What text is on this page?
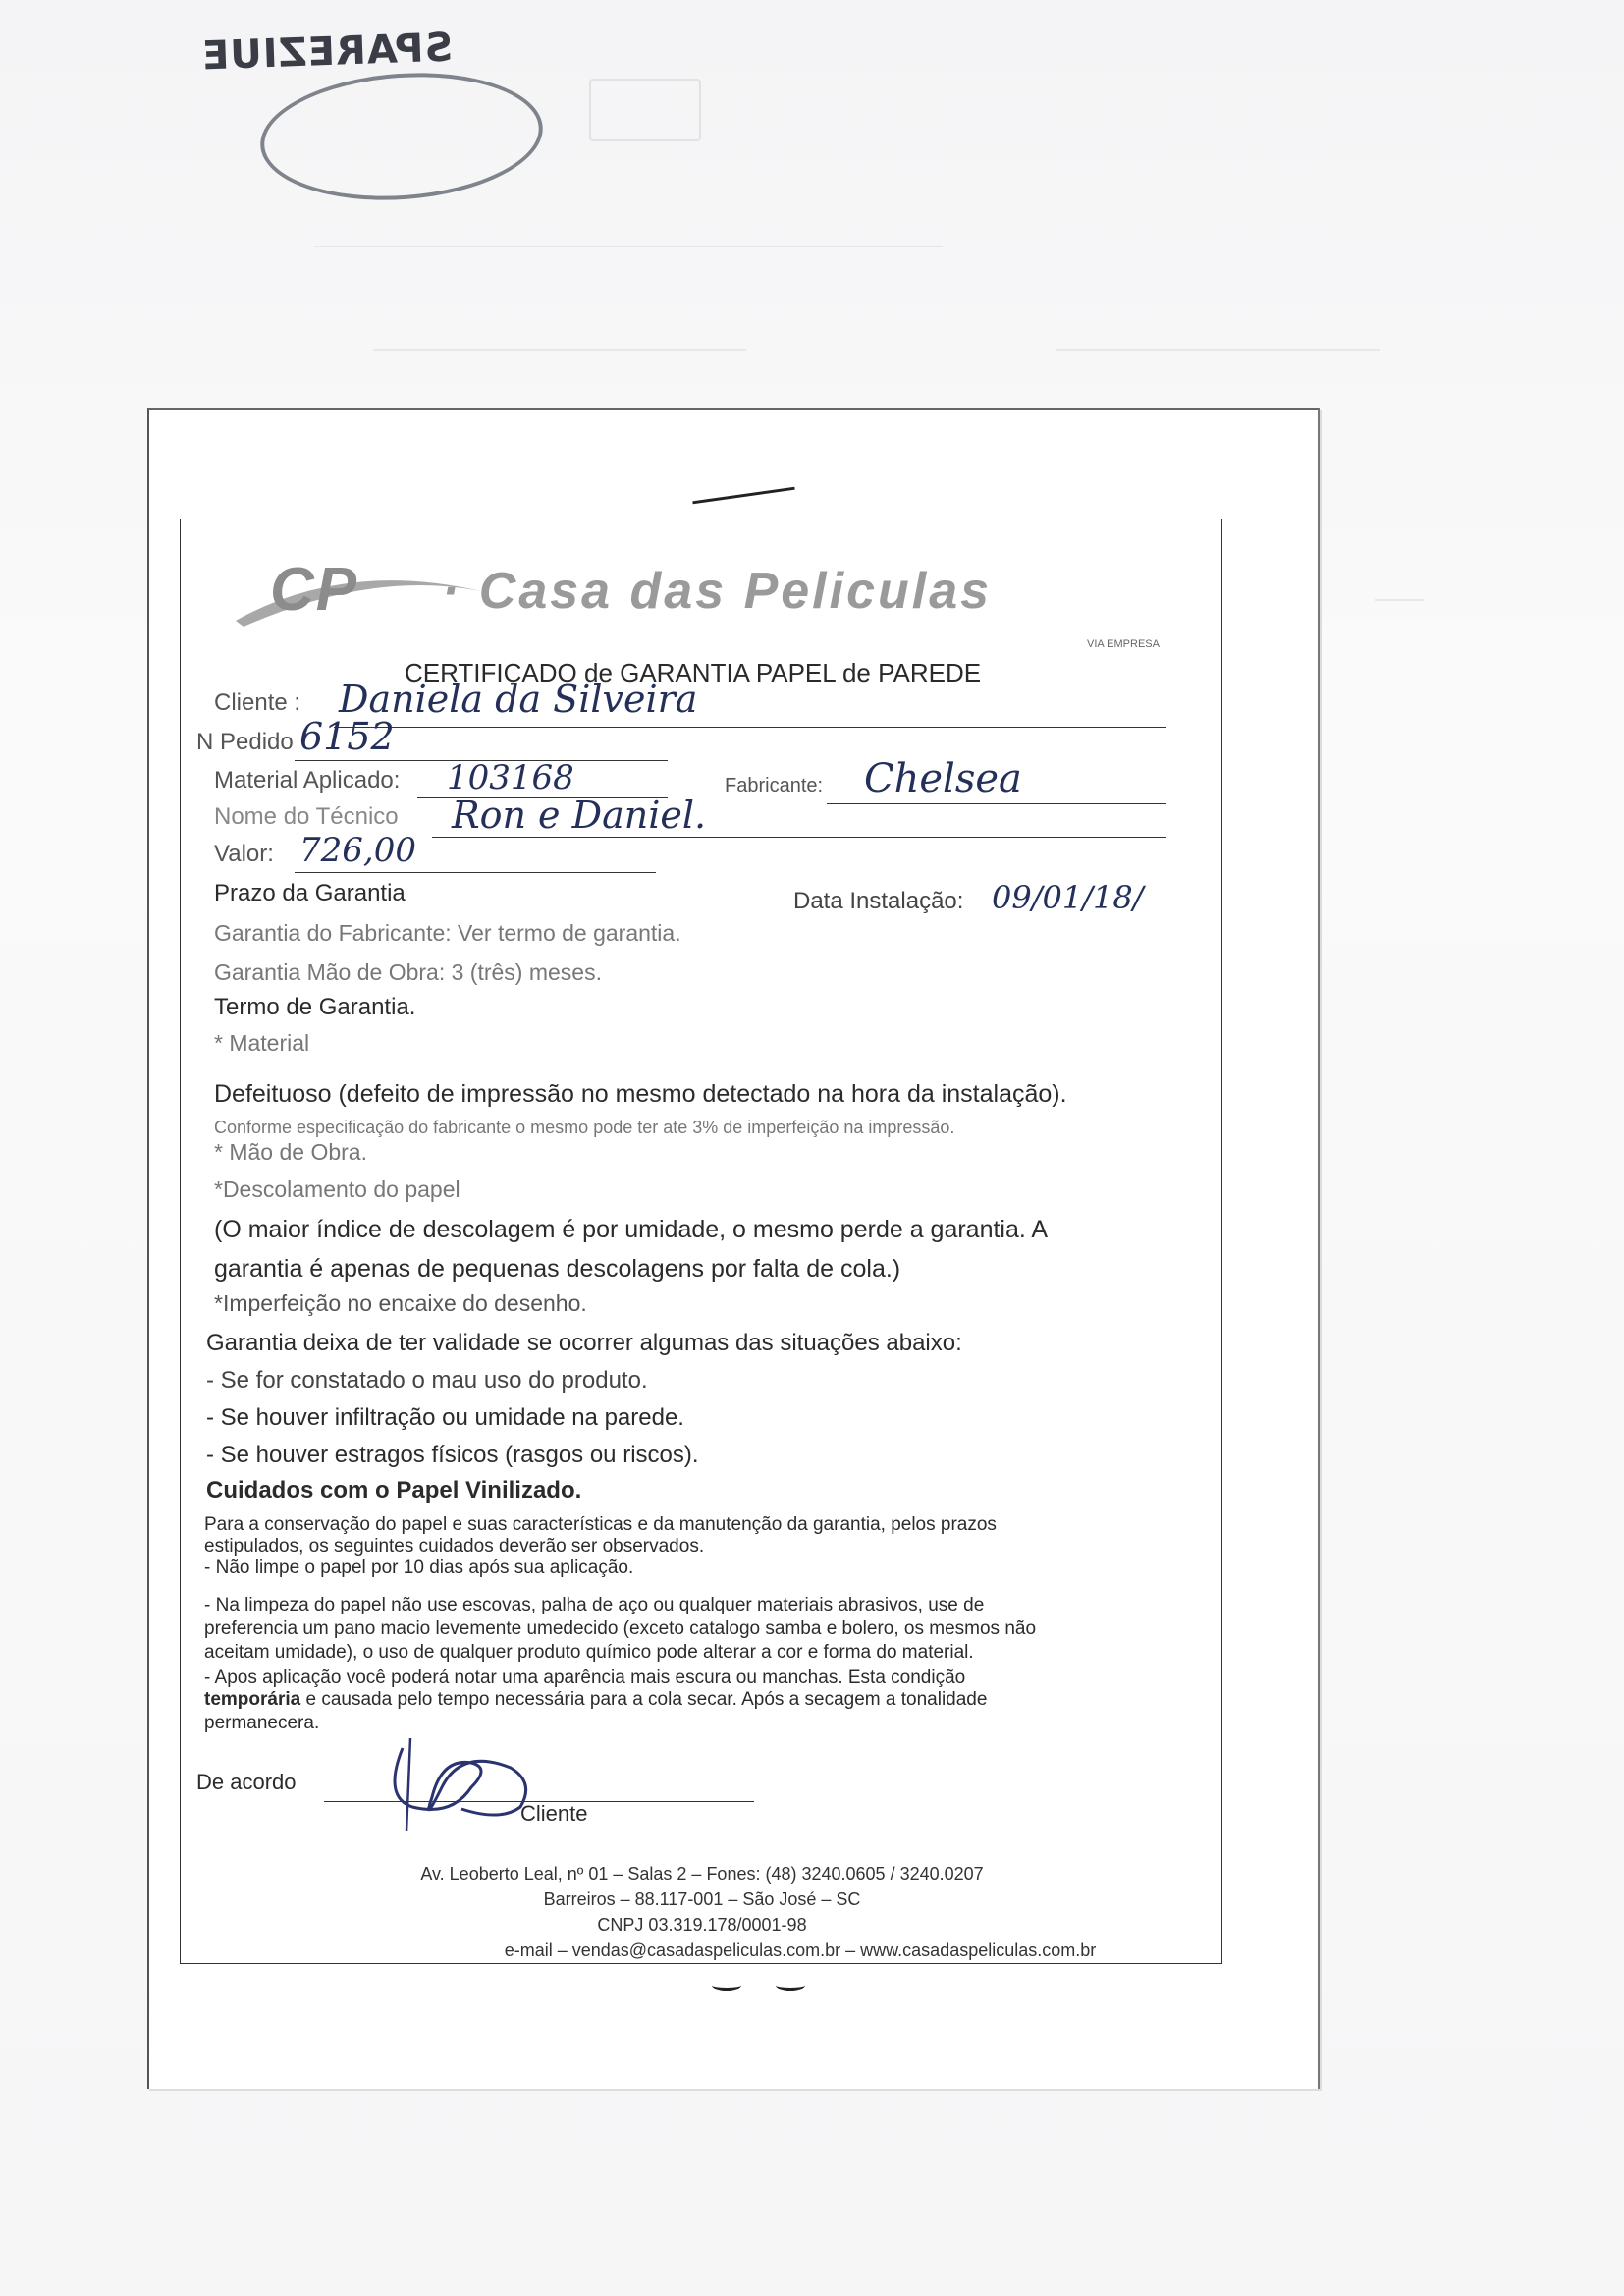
SPAREZIUE
CP · Casa das Peliculas
VIA EMPRESA
CERTIFICADO de GARANTIA PAPEL de PAREDE
Cliente : Daniela da Silveira
N Pedido 6152
Material Aplicado: 103168	Fabricante: Chelsea
Nome do Técnico Ron e Daniel.
Valor: 726,00
Prazo da Garantia	Data Instalação: 09/01/18/
Garantia do Fabricante: Ver termo de garantia.
Garantia Mão de Obra: 3 (três) meses.
Termo de Garantia.
* Material
Defeituoso (defeito de impressão no mesmo detectado na hora da instalação).
Conforme especificação do fabricante o mesmo pode ter ate 3% de imperfeição na impressão.
* Mão de Obra.
*Descolamento do papel
(O maior índice de descolagem é por umidade, o mesmo perde a garantia. A
garantia é apenas de pequenas descolagens por falta de cola.)
*Imperfeição no encaixe do desenho.
Garantia deixa de ter validade se ocorrer algumas das situações abaixo:
- Se for constatado o mau uso do produto.
- Se houver infiltração ou umidade na parede.
- Se houver estragos físicos (rasgos ou riscos).
Cuidados com o Papel Vinilizado.
Para a conservação do papel e suas características e da manutenção da garantia, pelos prazos
estipulados, os seguintes cuidados deverão ser observados.
- Não limpe o papel por 10 dias após sua aplicação.
- Na limpeza do papel não use escovas, palha de aço ou qualquer materiais abrasivos, use de
preferencia um pano macio levemente umedecido (exceto catalogo samba e bolero, os mesmos não
aceitam umidade), o uso de qualquer produto químico pode alterar a cor e forma do material.
- Apos aplicação você poderá notar uma aparência mais escura ou manchas. Esta condição
temporária e causada pelo tempo necessária para a cola secar. Após a secagem a tonalidade
permanecera.
De acordo
Cliente
Av. Leoberto Leal, nº 01 – Salas 2 – Fones: (48) 3240.0605 / 3240.0207
Barreiros – 88.117-001 – São José – SC
CNPJ 03.319.178/0001-98
e-mail – vendas@casadaspeliculas.com.br – www.casadaspeliculas.com.br
